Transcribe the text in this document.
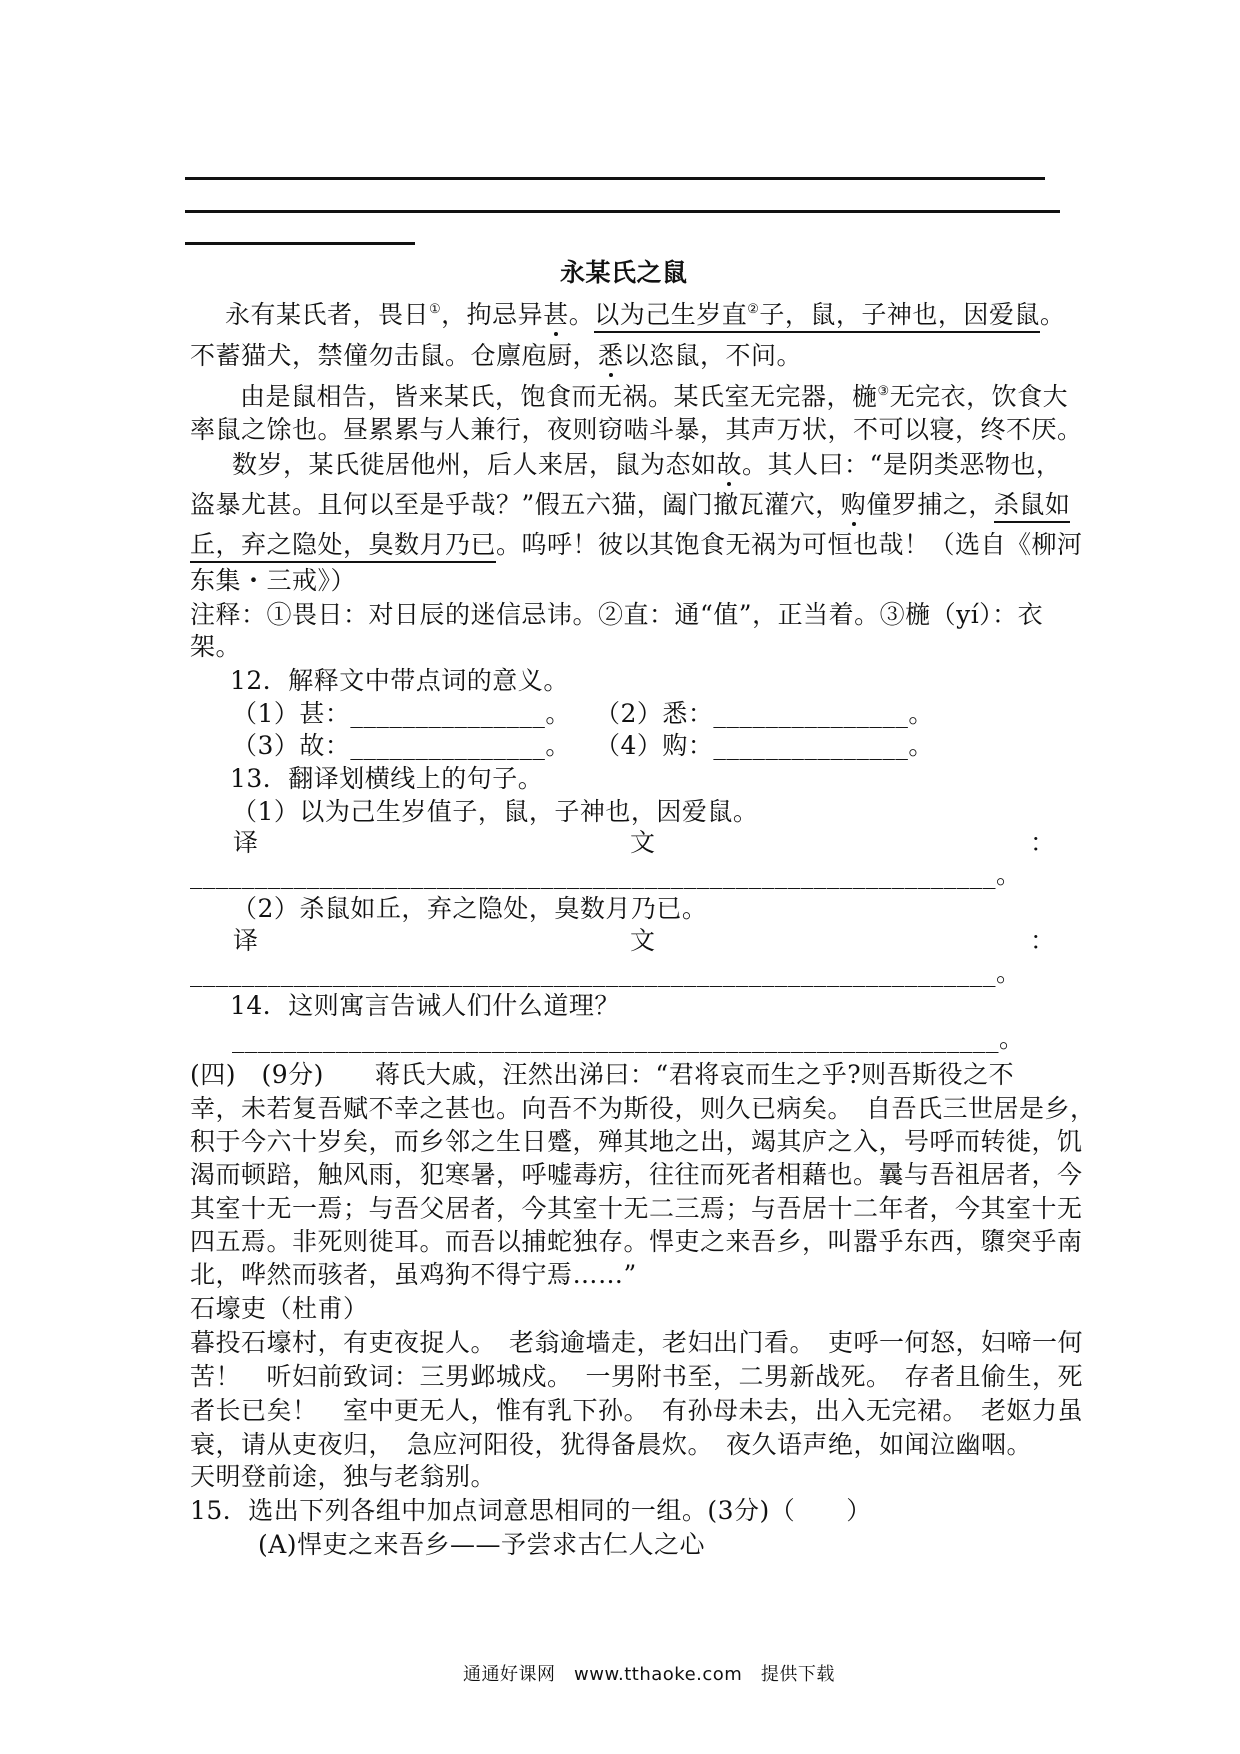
永某氏之鼠
永有某氏者，畏日①，拘忌异甚。以为己生岁直②子，鼠，子神也，因爱鼠。
不蓄猫犬，禁僮勿击鼠。仓廪庖厨，悉以恣鼠，不问。
由是鼠相告，皆来某氏，饱食而无祸。某氏室无完器，椸③无完衣，饮食大
率鼠之馀也。昼累累与人兼行，夜则窃啮斗暴，其声万状，不可以寝，终不厌。
数岁，某氏徙居他州，后人来居，鼠为态如故。其人曰：“是阴类恶物也，
盗暴尤甚。且何以至是乎哉？”假五六猫，阖门撤瓦灌穴，购僮罗捕之，杀鼠如
丘，弃之隐处，臭数月乃已。呜呼！彼以其饱食无祸为可恒也哉！（选自《柳河
东集・三戒》）
注释：①畏日：对日辰的迷信忌讳。②直：通“值”，正当着。③椸（yí）：衣
架。
12．解释文中带点词的意义。
（1）甚：_______________。 （2）悉：_______________。
（3）故：_______________。 （4）购：_______________。
13．翻译划横线上的句子。
（1）以为己生岁值子，鼠，子神也，因爱鼠。
译	文	：
______________________________________________________________。
（2）杀鼠如丘，弃之隐处，臭数月乃已。
译	文	：
______________________________________________________________。
14．这则寓言告诫人们什么道理？
___________________________________________________________。
(四)　(9分)　　蒋氏大戚，汪然出涕曰：“君将哀而生之乎?则吾斯役之不
幸，未若复吾赋不幸之甚也。向吾不为斯役，则久已病矣。　自吾氏三世居是乡，
积于今六十岁矣，而乡邻之生日蹙，殚其地之出，竭其庐之入，号呼而转徙，饥
渴而顿踣，触风雨，犯寒暑，呼嘘毒疠，往往而死者相藉也。曩与吾祖居者，今
其室十无一焉；与吾父居者，今其室十无二三焉；与吾居十二年者，今其室十无
四五焉。非死则徙耳。而吾以捕蛇独存。悍吏之来吾乡，叫嚣乎东西，隳突乎南
北，哗然而骇者，虽鸡狗不得宁焉……”
石壕吏（杜甫）
暮投石壕村，有吏夜捉人。　老翁逾墙走，老妇出门看。　吏呼一何怒，妇啼一何
苦！　听妇前致词：三男邺城戍。　一男附书至，二男新战死。　存者且偷生，死
者长已矣！　室中更无人，惟有乳下孙。　有孙母未去，出入无完裙。　老妪力虽
衰，请从吏夜归，　急应河阳役，犹得备晨炊。　夜久语声绝，如闻泣幽咽。
天明登前途，独与老翁别。
15．选出下列各组中加点词意思相同的一组。(3分)（　　）
(A)悍吏之来吾乡——予尝求古仁人之心
通通好课网　www.tthaoke.com　提供下载
